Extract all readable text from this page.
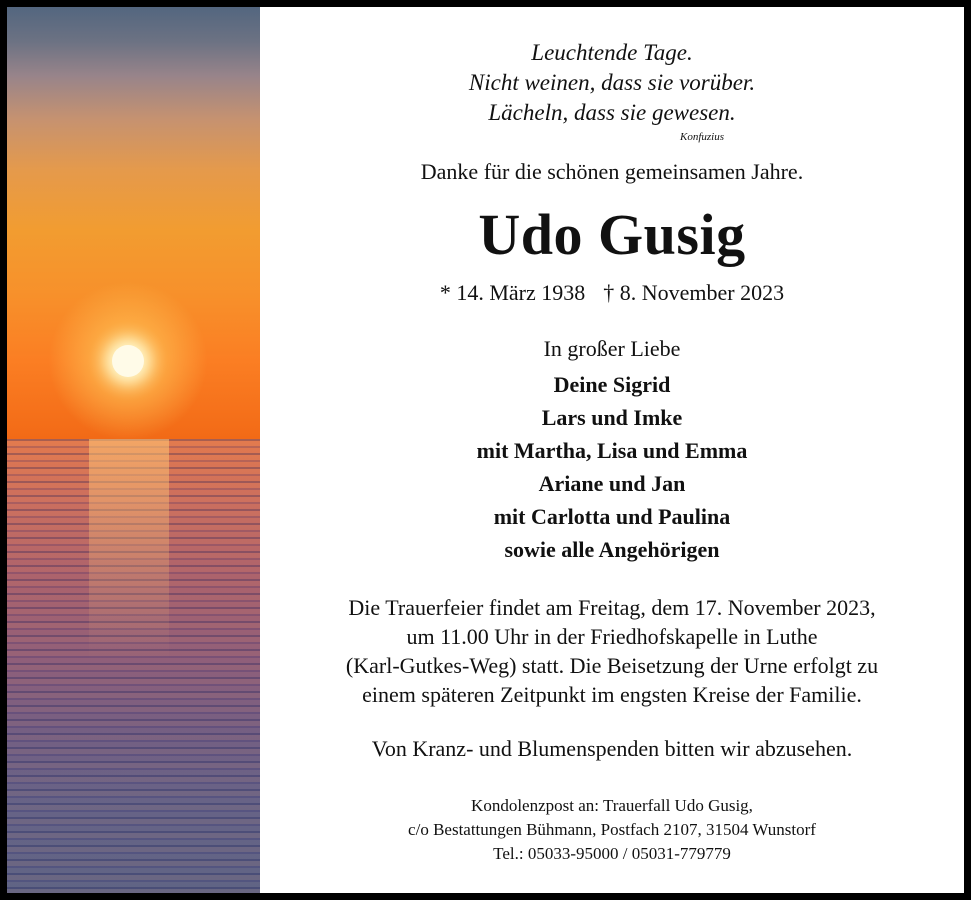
Leuchtende Tage.
Nicht weinen, dass sie vorüber.
Lächeln, dass sie gewesen.
Konfuzius
Danke für die schönen gemeinsamen Jahre.
Udo Gusig
* 14. März 1938 † 8. November 2023
In großer Liebe
Deine Sigrid
Lars und Imke
mit Martha, Lisa und Emma
Ariane und Jan
mit Carlotta und Paulina
sowie alle Angehörigen
Die Trauerfeier findet am Freitag, dem 17. November 2023,
um 11.00 Uhr in der Friedhofskapelle in Luthe
(Karl-Gutkes-Weg) statt. Die Beisetzung der Urne erfolgt zu
einem späteren Zeitpunkt im engsten Kreise der Familie.
Von Kranz- und Blumenspenden bitten wir abzusehen.
Kondolenzpost an: Trauerfall Udo Gusig,
c/o Bestattungen Bühmann, Postfach 2107, 31504 Wunstorf
Tel.: 05033-95000 / 05031-779779
